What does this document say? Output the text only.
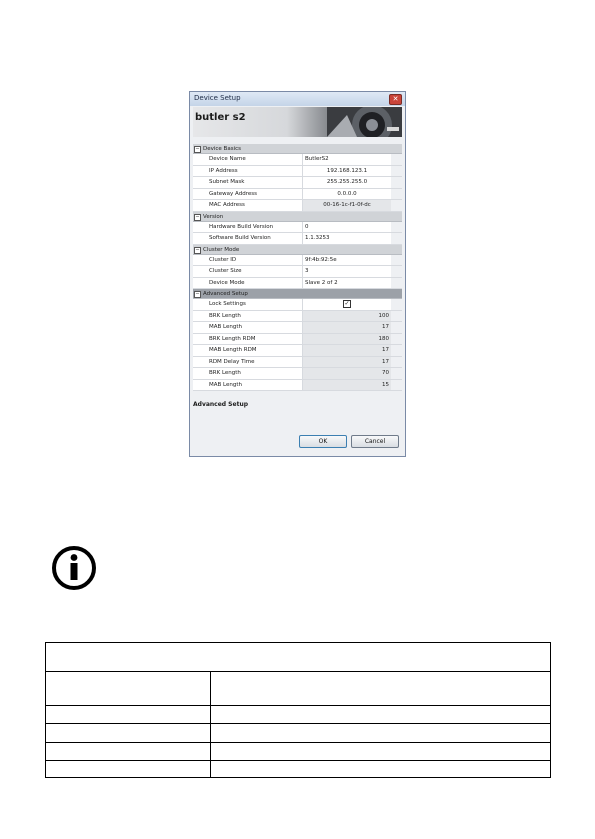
Device Setup	✕
butler s2
− Device Basics
Device Name	ButlerS2
IP Address	192.168.123.1
Subnet Mask	255.255.255.0
Gateway Address	0.0.0.0
MAC Address	00-16-1c-f1-0f-dc
− Version
Hardware Build Version	0
Software Build Version	1.1.3253
− Cluster Mode
Cluster ID	9f:4b:92:5e
Cluster Size	3
Device Mode	Slave 2 of 2
− Advanced Setup
Lock Settings	✓
BRK Length	100
MAB Length	17
BRK Length RDM	180
MAB Length RDM	17
RDM Delay Time	17
BRK Length	70
MAB Length	15
Advanced Setup
OK	Cancel
